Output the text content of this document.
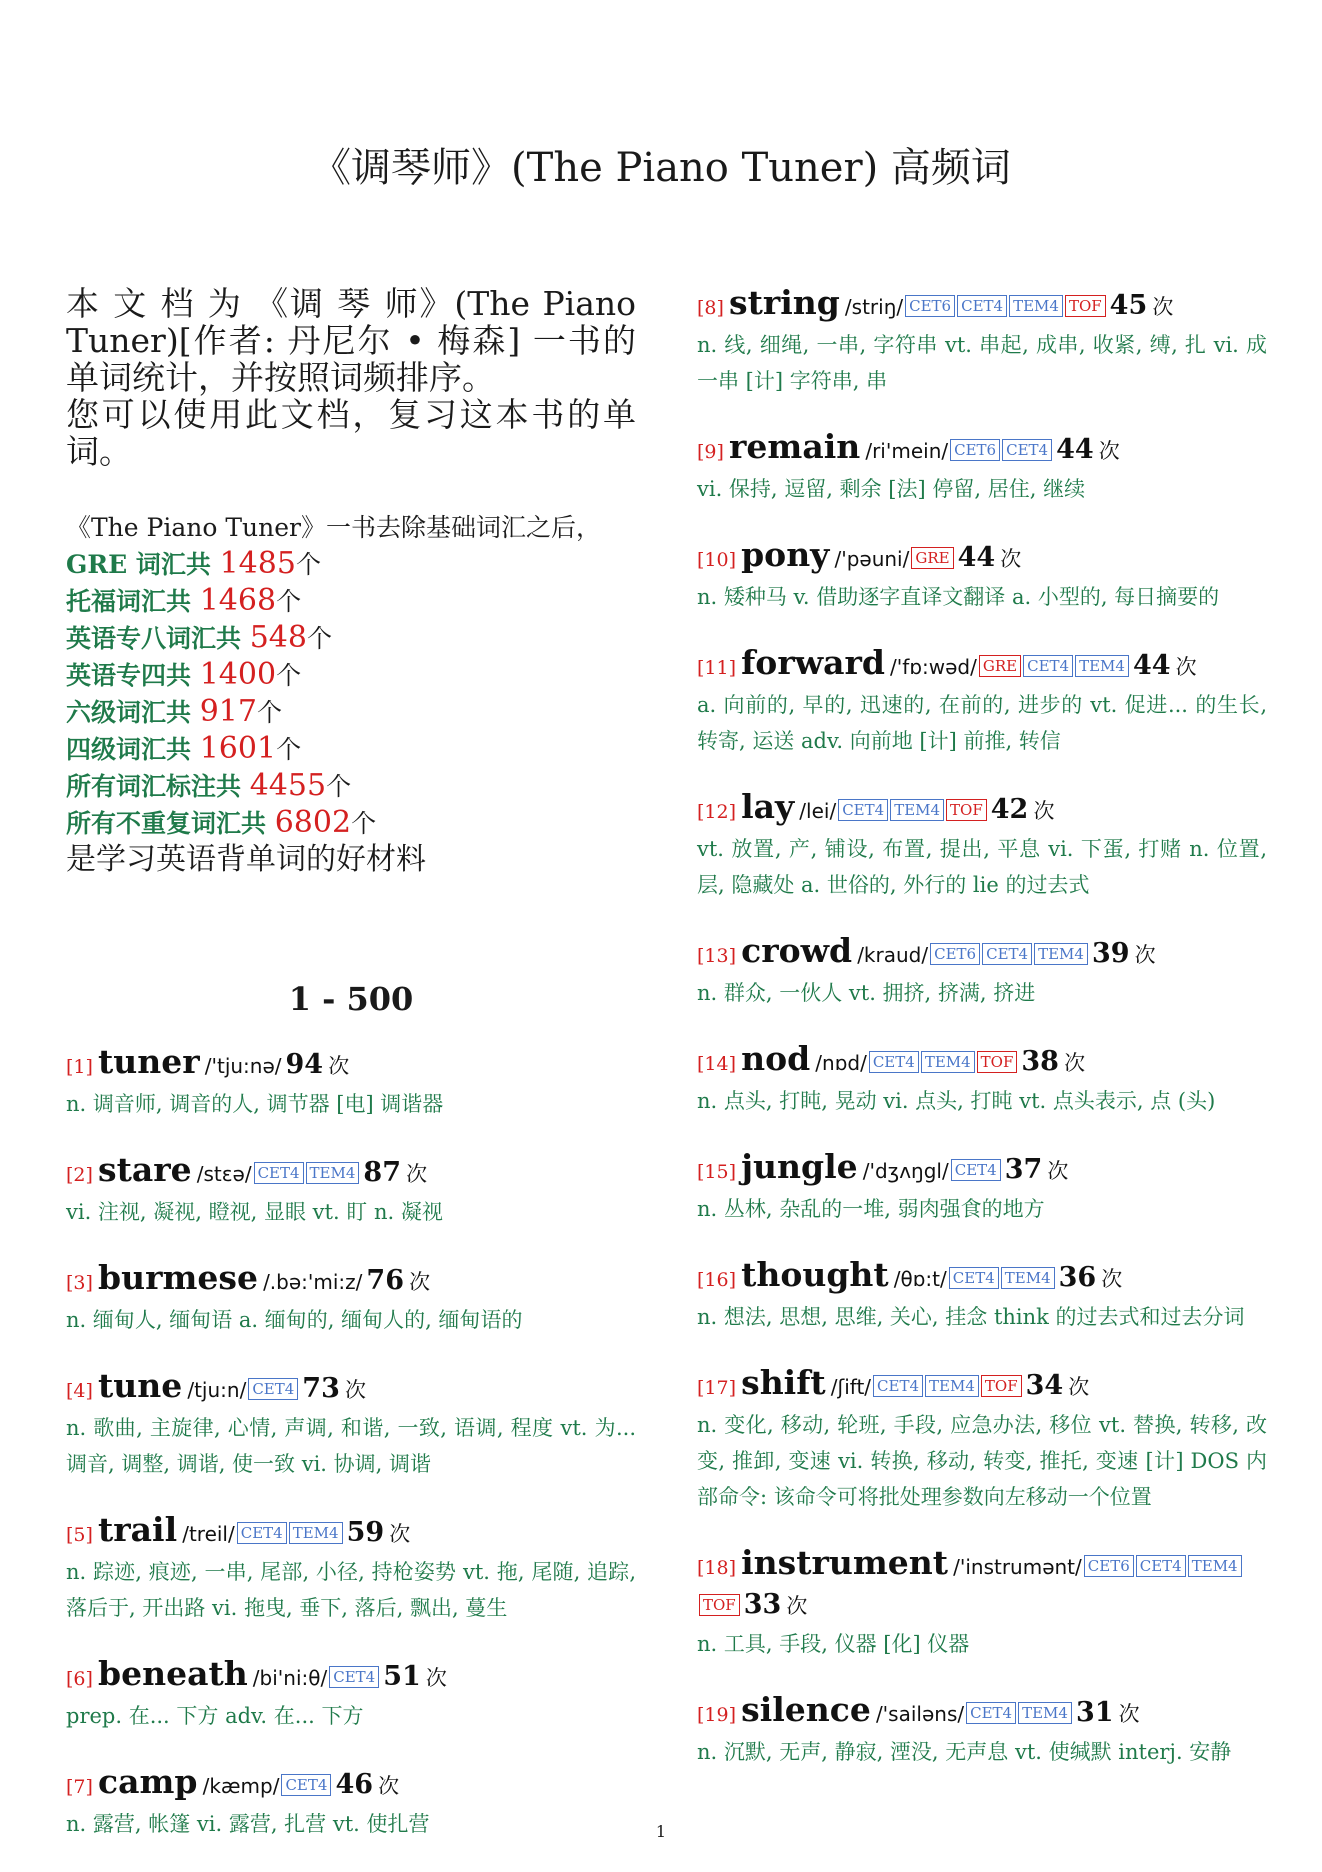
《调琴师》(The Piano Tuner) 高频词

本 文 档 为 《调 琴 师》(The Piano Tuner)[作者: 丹尼尔 • 梅森] 一书的单词统计，并按照词频排序。

您可以使用此文档，复习这本书的单词。

《The Piano Tuner》一书去除基础词汇之后，
GRE 词汇共 1485个
托福词汇共 1468个
英语专八词汇共 548个
英语专四共 1400个
六级词汇共 917个
四级词汇共 1601个
所有词汇标注共 4455个
所有不重复词汇共 6802个
是学习英语背单词的好材料
1 - 500
[1] tuner /'tju:nə/ 94 次
n. 调音师, 调音的人, 调节器 [电] 调谐器
[2] stare /stɛə/ CET4 TEM4 87 次
vi. 注视, 凝视, 瞪视, 显眼 vt. 盯 n. 凝视
[3] burmese /.bə:'mi:z/ 76 次
n. 缅甸人, 缅甸语 a. 缅甸的, 缅甸人的, 缅甸语的
[4] tune /tju:n/ CET4 73 次
n. 歌曲, 主旋律, 心情, 声调, 和谐, 一致, 语调, 程度 vt. 为... 调音, 调整, 调谐, 使一致 vi. 协调, 调谐
[5] trail /treil/ CET4 TEM4 59 次
n. 踪迹, 痕迹, 一串, 尾部, 小径, 持枪姿势 vt. 拖, 尾随, 追踪, 落后于, 开出路 vi. 拖曳, 垂下, 落后, 飘出, 蔓生
[6] beneath /bi'ni:θ/ CET4 51 次
prep. 在... 下方 adv. 在... 下方
[7] camp /kæmp/ CET4 46 次
n. 露营, 帐篷 vi. 露营, 扎营 vt. 使扎营
[8] string /striŋ/ CET6 CET4 TEM4 TOF 45 次
n. 线, 细绳, 一串, 字符串 vt. 串起, 成串, 收紧, 缚, 扎 vi. 成一串 [计] 字符串, 串
[9] remain /ri'mein/ CET6 CET4 44 次
vi. 保持, 逗留, 剩余 [法] 停留, 居住, 继续
[10] pony /'pəuni/ GRE 44 次
n. 矮种马 v. 借助逐字直译文翻译 a. 小型的, 每日摘要的
[11] forward /'fɒ:wəd/ GRE CET4 TEM4 44 次
a. 向前的, 早的, 迅速的, 在前的, 进步的 vt. 促进... 的生长, 转寄, 运送 adv. 向前地 [计] 前推, 转信
[12] lay /lei/ CET4 TEM4 TOF 42 次
vt. 放置, 产, 铺设, 布置, 提出, 平息 vi. 下蛋, 打赌 n. 位置, 层, 隐藏处 a. 世俗的, 外行的 lie 的过去式
[13] crowd /kraud/ CET6 CET4 TEM4 39 次
n. 群众, 一伙人 vt. 拥挤, 挤满, 挤进
[14] nod /nɒd/ CET4 TEM4 TOF 38 次
n. 点头, 打盹, 晃动 vi. 点头, 打盹 vt. 点头表示, 点 (头)
[15] jungle /'dʒʌŋgl/ CET4 37 次
n. 丛林, 杂乱的一堆, 弱肉强食的地方
[16] thought /θɒ:t/ CET4 TEM4 36 次
n. 想法, 思想, 思维, 关心, 挂念 think 的过去式和过去分词
[17] shift /ʃift/ CET4 TEM4 TOF 34 次
n. 变化, 移动, 轮班, 手段, 应急办法, 移位 vt. 替换, 转移, 改变, 推卸, 变速 vi. 转换, 移动, 转变, 推托, 变速 [计] DOS 内部命令: 该命令可将批处理参数向左移动一个位置
[18] instrument /'instrumənt/ CET6 CET4 TEM4TOF 33 次
n. 工具, 手段, 仪器 [化] 仪器
[19] silence /'sailəns/ CET4 TEM4 31 次
n. 沉默, 无声, 静寂, 湮没, 无声息 vt. 使缄默 interj. 安静
1
